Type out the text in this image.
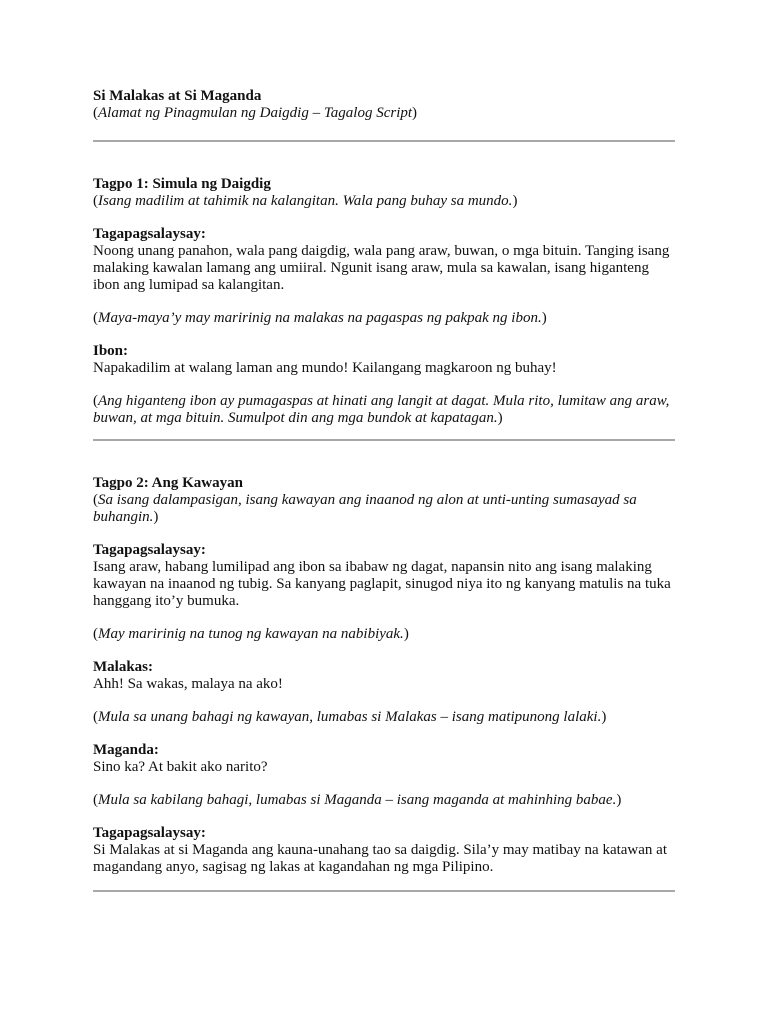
Si Malakas at Si Maganda

(Alamat ng Pinagmulan ng Daigdig – Tagalog Script)

Tagpo 1: Simula ng Daigdig

(Isang madilim at tahimik na kalangitan. Wala pang buhay sa mundo.)

Tagapagsalaysay:

Noong unang panahon, wala pang daigdig, wala pang araw, buwan, o mga bituin. Tanging isang malaking kawalan lamang ang umiiral. Ngunit isang araw, mula sa kawalan, isang higanteng ibon ang lumipad sa kalangitan.

(Maya-maya’y may maririnig na malakas na pagaspas ng pakpak ng ibon.)

Ibon:

Napakadilim at walang laman ang mundo! Kailangang magkaroon ng buhay!

(Ang higanteng ibon ay pumagaspas at hinati ang langit at dagat. Mula rito, lumitaw ang araw, buwan, at mga bituin. Sumulpot din ang mga bundok at kapatagan.)

Tagpo 2: Ang Kawayan

(Sa isang dalampasigan, isang kawayan ang inaanod ng alon at unti-unting sumasayad sa buhangin.)

Tagapagsalaysay:

Isang araw, habang lumilipad ang ibon sa ibabaw ng dagat, napansin nito ang isang malaking kawayan na inaanod ng tubig. Sa kanyang paglapit, sinugod niya ito ng kanyang matulis na tuka hanggang ito’y bumuka.

(May maririnig na tunog ng kawayan na nabibiyak.)

Malakas:

Ahh! Sa wakas, malaya na ako!

(Mula sa unang bahagi ng kawayan, lumabas si Malakas – isang matipunong lalaki.)

Maganda:

Sino ka? At bakit ako narito?

(Mula sa kabilang bahagi, lumabas si Maganda – isang maganda at mahinhing babae.)

Tagapagsalaysay:

Si Malakas at si Maganda ang kauna-unahang tao sa daigdig. Sila’y may matibay na katawan at magandang anyo, sagisag ng lakas at kagandahan ng mga Pilipino.
